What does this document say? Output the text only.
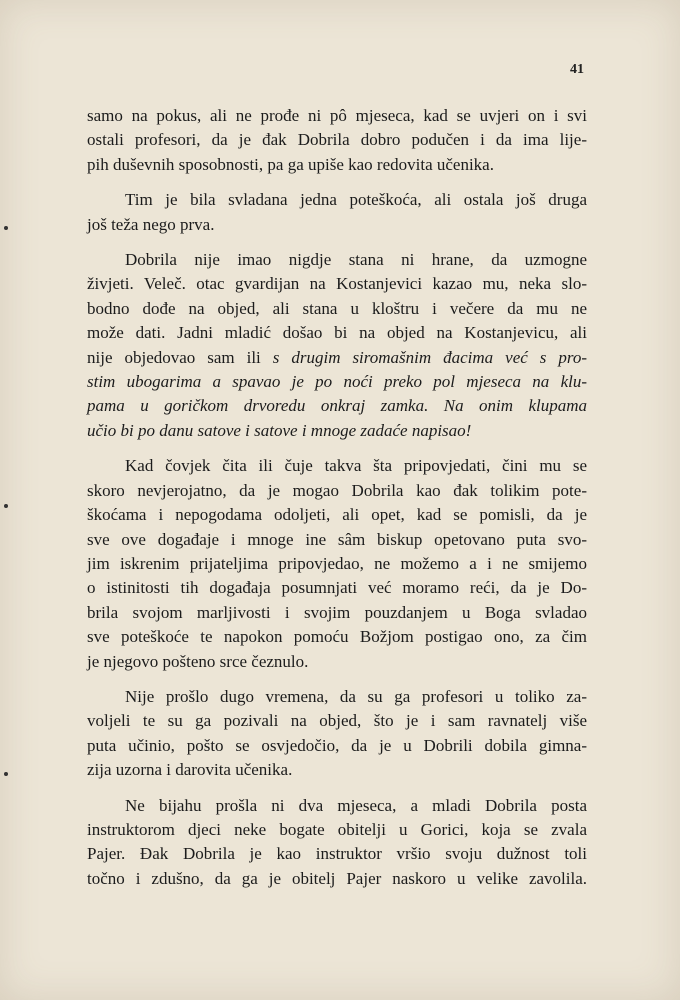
41

samo na pokus, ali ne prođe ni pô mjeseca, kad se uvjeri on i svi
ostali profesori, da je đak Dobrila dobro podučen i da ima lije-
pih duševnih sposobnosti, pa ga upiše kao redovita učenika.

Tim je bila svladana jedna poteškoća, ali ostala još druga
još teža nego prva.

Dobrila nije imao nigdje stana ni hrane, da uzmogne
živjeti. Veleč. otac gvardijan na Kostanjevici kazao mu, neka slo-
bodno dođe na objed, ali stana u kloštru i večere da mu ne
može dati. Jadni mladić došao bi na objed na Kostanjevicu, ali
nije objedovao sam ili s drugim siromašnim đacima već s pro-
stim ubogarima a spavao je po noći preko pol mjeseca na klu-
pama u goričkom drvoredu onkraj zamka. Na onim klupama
učio bi po danu satove i satove i mnoge zadaće napisao!

Kad čovjek čita ili čuje takva šta pripovjedati, čini mu se
skoro nevjerojatno, da je mogao Dobrila kao đak tolikim pote-
škoćama i nepogodama odoljeti, ali opet, kad se pomisli, da je
sve ove događaje i mnoge ine sâm biskup opetovano puta svo-
jim iskrenim prijateljima pripovjedao, ne možemo a i ne smijemo
o istinitosti tih događaja posumnjati već moramo reći, da je Do-
brila svojom marljivosti i svojim pouzdanjem u Boga svladao
sve poteškoće te napokon pomoću Božjom postigao ono, za čim
je njegovo pošteno srce čeznulo.

Nije prošlo dugo vremena, da su ga profesori u toliko za-
voljeli te su ga pozivali na objed, što je i sam ravnatelj više
puta učinio, pošto se osvjedočio, da je u Dobrili dobila gimna-
zija uzorna i darovita učenika.

Ne bijahu prošla ni dva mjeseca, a mladi Dobrila posta
instruktorom djeci neke bogate obitelji u Gorici, koja se zvala
Pajer. Đak Dobrila je kao instruktor vršio svoju dužnost toli
točno i zdušno, da ga je obitelj Pajer naskoro u velike zavolila.
